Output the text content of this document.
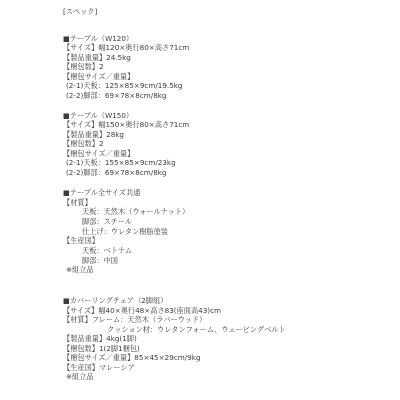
[スペック]
■テーブル（W120）
【サイズ】幅120×奥行80×高さ71cm
【製品重量】24.5kg
【梱包数】2
【梱包サイズ／重量】
(2-1)天板：125×85×9cm/19.5kg
(2-2)脚部：69×78×8cm/8kg
■テーブル（W150）
【サイズ】幅150×奥行80×高さ71cm
【製品重量】28kg
【梱包数】2
【梱包サイズ／重量】
(2-1)天板：155×85×9cm/23kg
(2-2)脚部：69×78×8cm/8kg
■テーブル全サイズ共通
【材質】
天板：天然木（ウォールナット）
脚部：スチール
仕上げ：ウレタン樹脂塗装
【生産国】
天板：ベトナム
脚部：中国
※組立品
■カバーリングチェア（2脚組）
【サイズ】幅40×奥行48×高さ83(座面高43)cm
【材質】フレーム：天然木（ラバーウッド）
クッション材：ウレタンフォーム、ウェービングベルト
【製品重量】4kg(1脚)
【梱包数】1(2脚1梱包)
【梱包サイズ／重量】85×45×29cm/9kg
【生産国】マレーシア
※組立品
